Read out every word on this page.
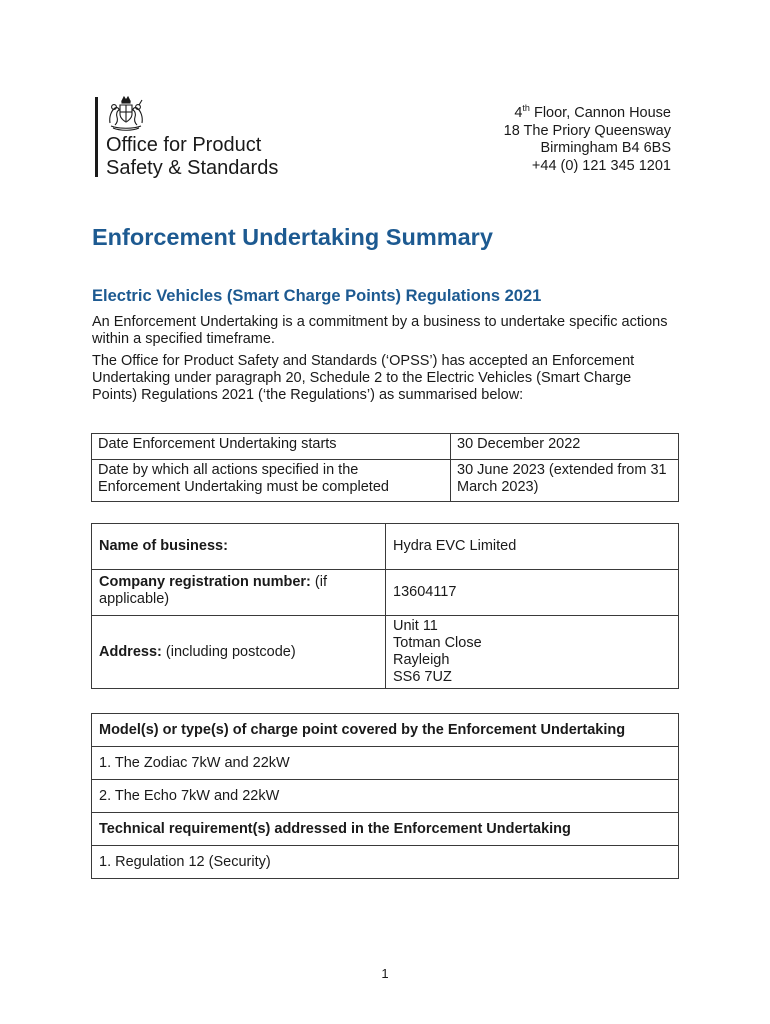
Office for Product
Safety & Standards
4th Floor, Cannon House
18 The Priory Queensway
Birmingham B4 6BS
+44 (0) 121 345 1201
Enforcement Undertaking Summary
Electric Vehicles (Smart Charge Points) Regulations 2021

An Enforcement Undertaking is a commitment by a business to undertake specific actions within a specified timeframe.

The Office for Product Safety and Standards (‘OPSS’) has accepted an Enforcement Undertaking under paragraph 20, Schedule 2 to the Electric Vehicles (Smart Charge Points) Regulations 2021 (‘the Regulations’) as summarised below:

Date Enforcement Undertaking starts	30 December 2022
Date by which all actions specified in the Enforcement Undertaking must be completed	30 June 2023 (extended from 31 March 2023)
Name of business:	Hydra EVC Limited
Company registration number: (if applicable)	13604117
Address: (including postcode)	Unit 11
Totman Close
Rayleigh
SS6 7UZ
Model(s) or type(s) of charge point covered by the Enforcement Undertaking
1. The Zodiac 7kW and 22kW
2. The Echo 7kW and 22kW
Technical requirement(s) addressed in the Enforcement Undertaking
1. Regulation 12 (Security)
1
